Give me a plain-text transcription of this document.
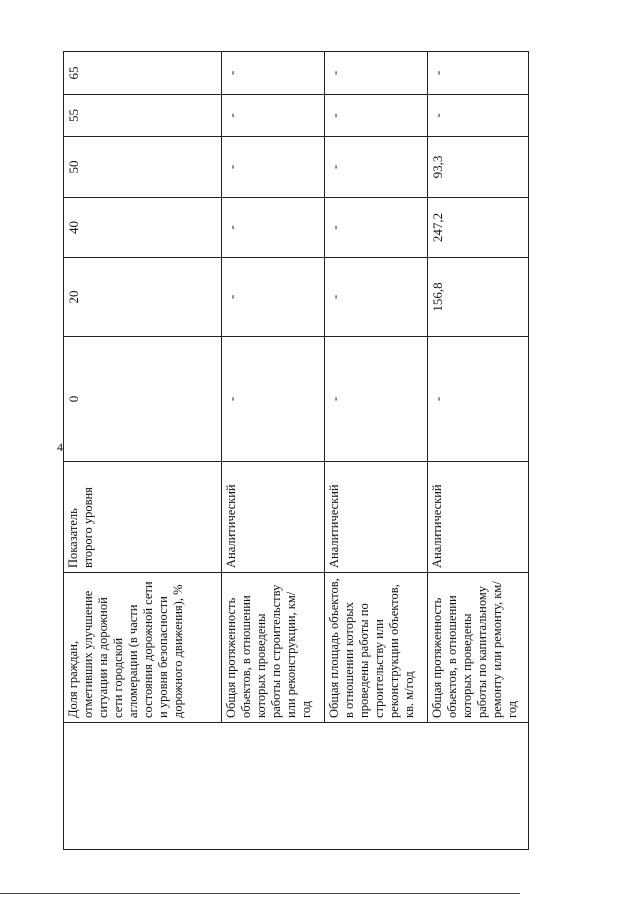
4
	Доля граждан, отметивших улучшение ситуации на дорожной сети городской агломерации (в части состояния дорожной сети и уровня безопасности дорожного движения), %	Показатель второго уровня	0	20	40	50	55	65
	Общая протяженность объектов, в отношении которых проведены работы по строительству или реконструкции, км/год	Аналитический	-	-	-	-	-	-
	Общая площадь объектов, в отношении которых проведены работы по строительству или реконструкции объектов, кв. м/год	Аналитический	-	-	-	-	-	-
	Общая протяженность объектов, в отношении которых проведены работы по капитальному ремонту или ремонту, км/год	Аналитический	-	156,8	247,2	93,3	-	-
